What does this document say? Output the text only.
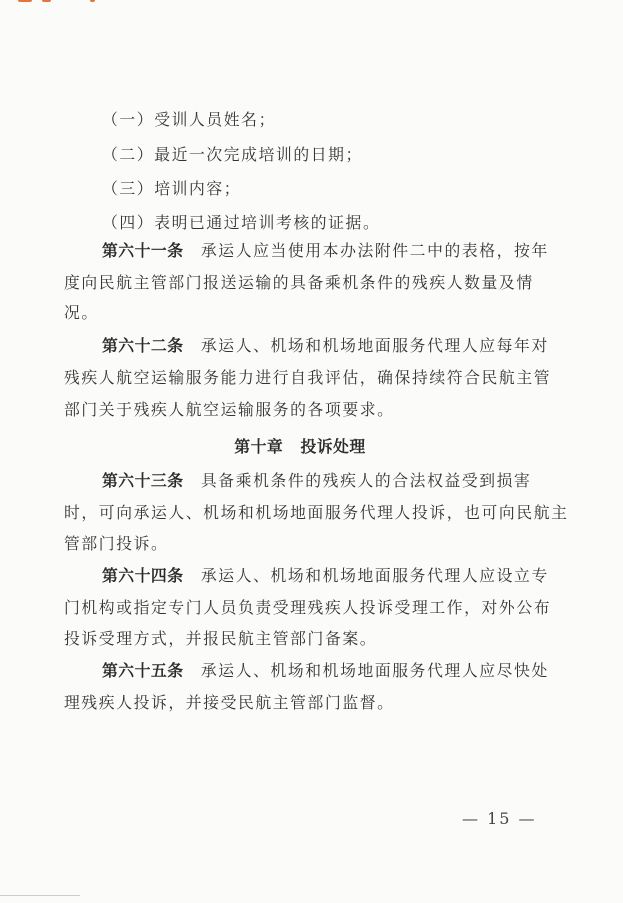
（一）受训人员姓名；
（二）最近一次完成培训的日期；
（三）培训内容；
（四）表明已通过培训考核的证据。
第六十一条　 承运人应当使用本办法附件二中的表格，按年
度向民航主管部门报送运输的具备乘机条件的残疾人数量及情
况。
第六十二条　 承运人、机场和机场地面服务代理人应每年对
残疾人航空运输服务能力进行自我评估，确保持续符合民航主管
部门关于残疾人航空运输服务的各项要求。
第十章　 投诉处理
第六十三条　 具备乘机条件的残疾人的合法权益受到损害
时，可向承运人、机场和机场地面服务代理人投诉，也可向民航主
管部门投诉。
第六十四条　 承运人、机场和机场地面服务代理人应设立专
门机构或指定专门人员负责受理残疾人投诉受理工作，对外公布
投诉受理方式，并报民航主管部门备案。
第六十五条　 承运人、机场和机场地面服务代理人应尽快处
理残疾人投诉，并接受民航主管部门监督。
— 15 —
